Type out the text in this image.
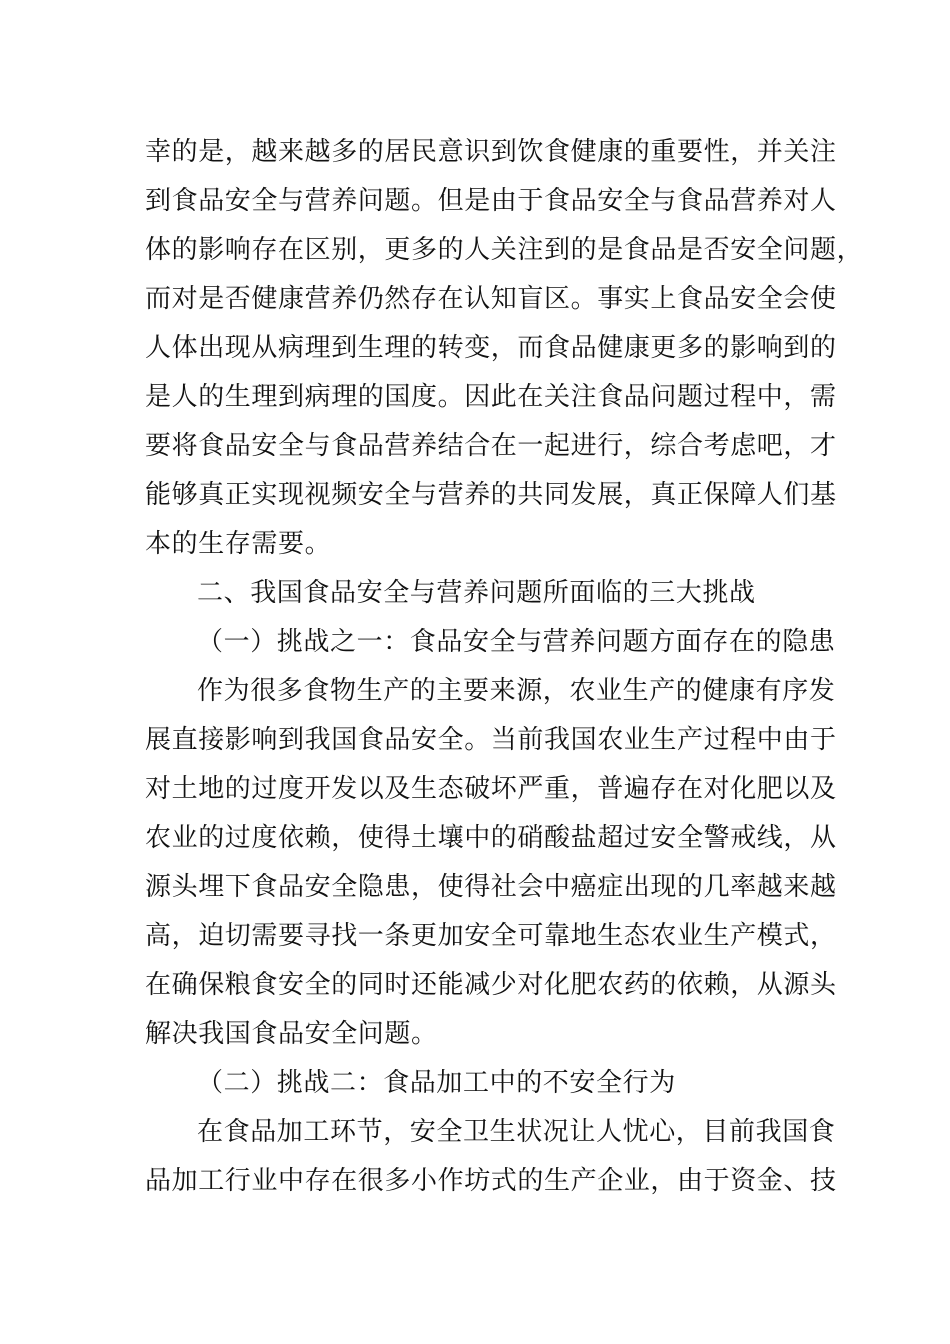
幸的是，越来越多的居民意识到饮食健康的重要性，并关注
到食品安全与营养问题。但是由于食品安全与食品营养对人
体的影响存在区别，更多的人关注到的是食品是否安全问题，
而对是否健康营养仍然存在认知盲区。事实上食品安全会使
人体出现从病理到生理的转变，而食品健康更多的影响到的
是人的生理到病理的国度。因此在关注食品问题过程中，需
要将食品安全与食品营养结合在一起进行，综合考虑吧，才
能够真正实现视频安全与营养的共同发展，真正保障人们基
本的生存需要。
二、我国食品安全与营养问题所面临的三大挑战
（一）挑战之一：食品安全与营养问题方面存在的隐患
作为很多食物生产的主要来源，农业生产的健康有序发
展直接影响到我国食品安全。当前我国农业生产过程中由于
对土地的过度开发以及生态破坏严重，普遍存在对化肥以及
农业的过度依赖，使得土壤中的硝酸盐超过安全警戒线，从
源头埋下食品安全隐患，使得社会中癌症出现的几率越来越
高，迫切需要寻找一条更加安全可靠地生态农业生产模式，
在确保粮食安全的同时还能减少对化肥农药的依赖，从源头
解决我国食品安全问题。
（二）挑战二：食品加工中的不安全行为
在食品加工环节，安全卫生状况让人忧心，目前我国食
品加工行业中存在很多小作坊式的生产企业，由于资金、技
